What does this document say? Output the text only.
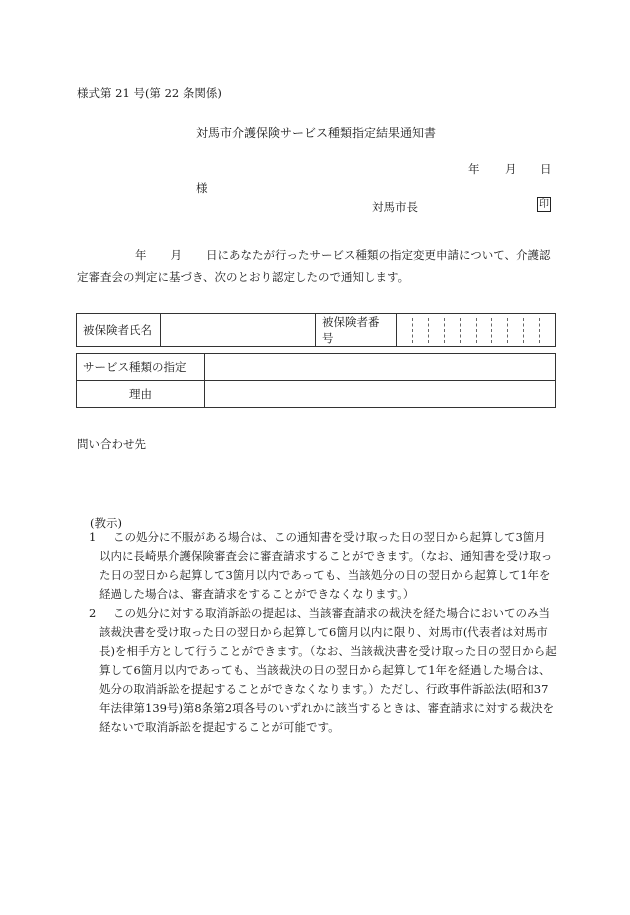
様式第 21 号(第 22 条関係)
対馬市介護保険サービス種類指定結果通知書
年 月 日
様
対馬市長	印
年 月 日にあなたが行ったサービス種類の指定変更申請について、介護認定審査会の判定に基づき、次のとおり認定したので通知します。
被保険者氏名		被保険者番号	
サービス種類の指定	
理由	
問い合わせ先
(教示)
1	この処分に不服がある場合は、この通知書を受け取った日の翌日から起算して3箇月以内に長崎県介護保険審査会に審査請求することができます。（なお、通知書を受け取った日の翌日から起算して3箇月以内であっても、当該処分の日の翌日から起算して1年を経過した場合は、審査請求をすることができなくなります。）
2	この処分に対する取消訴訟の提起は、当該審査請求の裁決を経た場合においてのみ当該裁決書を受け取った日の翌日から起算して6箇月以内に限り、対馬市(代表者は対馬市長)を相手方として行うことができます。（なお、当該裁決書を受け取った日の翌日から起算して6箇月以内であっても、当該裁決の日の翌日から起算して1年を経過した場合は、処分の取消訴訟を提起することができなくなります。）ただし、行政事件訴訟法(昭和37年法律第139号)第8条第2項各号のいずれかに該当するときは、審査請求に対する裁決を経ないで取消訴訟を提起することが可能です。
